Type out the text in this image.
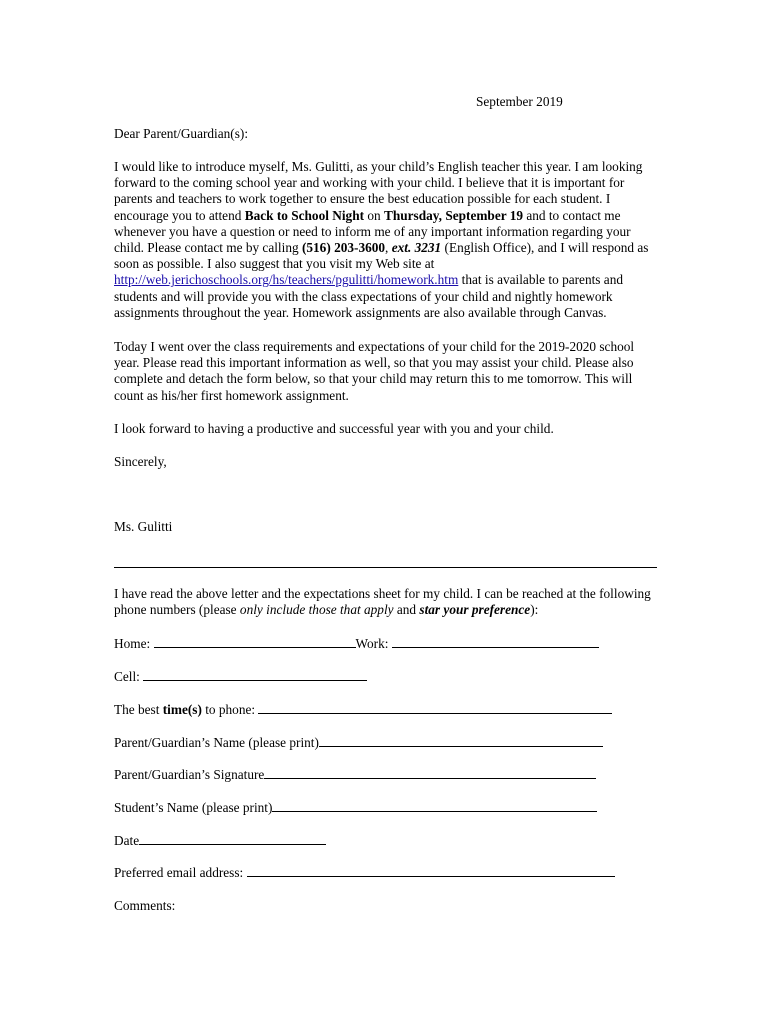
September 2019

Dear Parent/Guardian(s):

I would like to introduce myself, Ms. Gulitti, as your child’s English teacher this year. I am looking forward to the coming school year and working with your child. I believe that it is important for parents and teachers to work together to ensure the best education possible for each student. I encourage you to attend Back to School Night on Thursday, September 19 and to contact me whenever you have a question or need to inform me of any important information regarding your child. Please contact me by calling (516) 203-3600, ext. 3231 (English Office), and I will respond as soon as possible. I also suggest that you visit my Web site at http://web.jerichoschools.org/hs/teachers/pgulitti/homework.htm that is available to parents and students and will provide you with the class expectations of your child and nightly homework assignments throughout the year. Homework assignments are also available through Canvas.

Today I went over the class requirements and expectations of your child for the 2019-2020 school year. Please read this important information as well, so that you may assist your child. Please also complete and detach the form below, so that your child may return this to me tomorrow. This will count as his/her first homework assignment.

I look forward to having a productive and successful year with you and your child.

Sincerely,

Ms. Gulitti

I have read the above letter and the expectations sheet for my child. I can be reached at the following phone numbers (please only include those that apply and star your preference):

Home:	Work:
Cell:
The best time(s) to phone:
Parent/Guardian’s Name (please print)
Parent/Guardian’s Signature
Student’s Name (please print)
Date
Preferred email address:
Comments:
